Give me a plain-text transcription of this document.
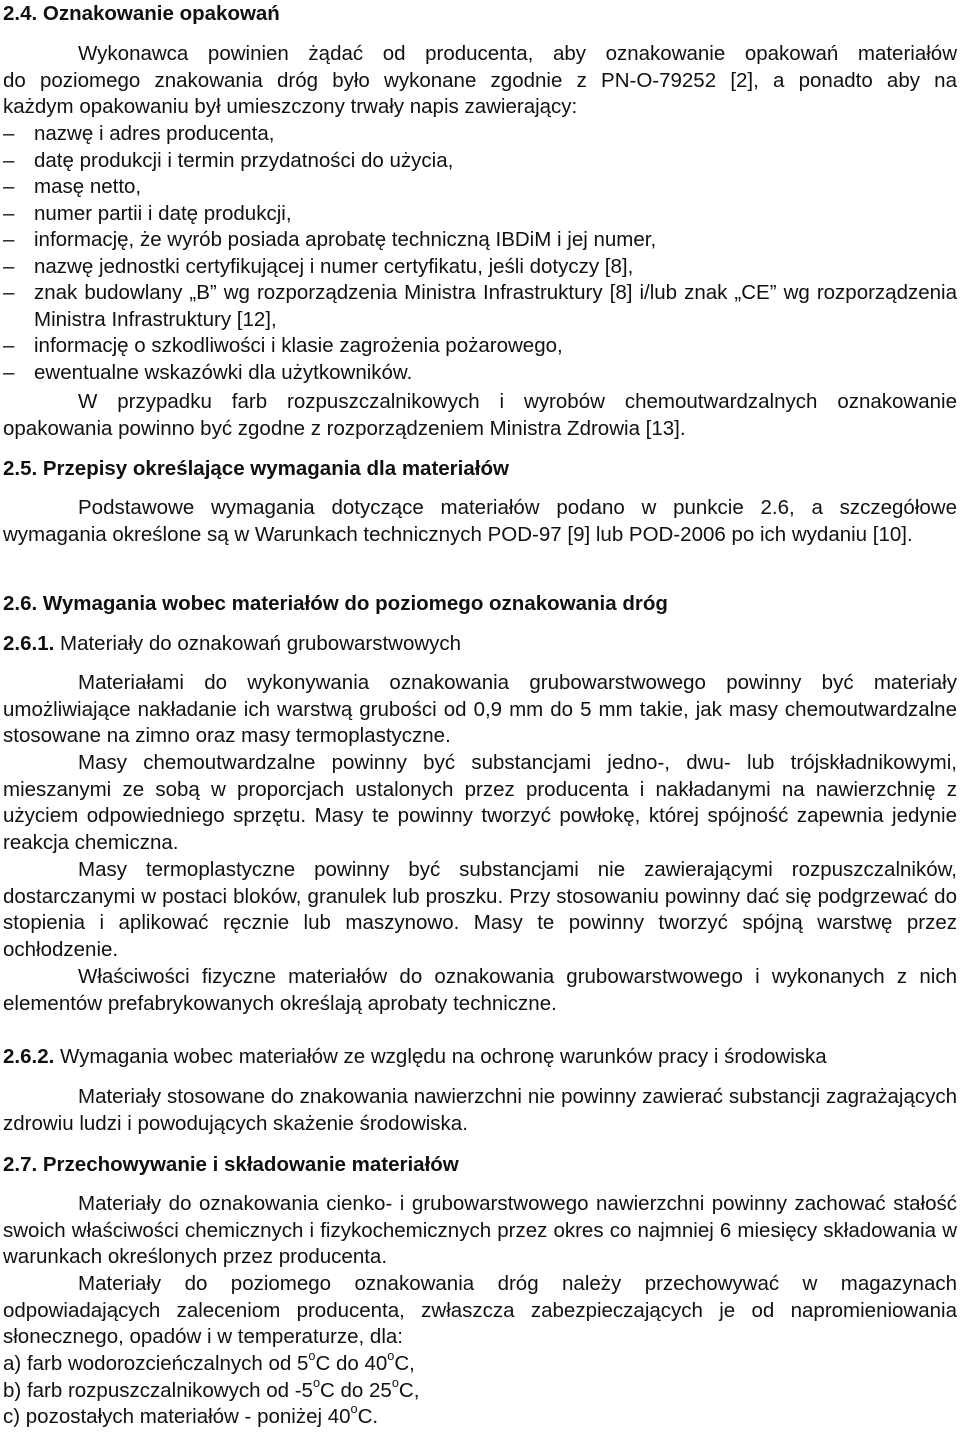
2.4. Oznakowanie opakowań
Wykonawca powinien żądać od producenta, aby oznakowanie opakowań materiałów
do poziomego znakowania dróg było wykonane zgodnie z PN-O-79252 [2], a ponadto aby na
każdym opakowaniu był umieszczony trwały napis zawierający:
– nazwę i adres producenta,
– datę produkcji i termin przydatności do użycia,
– masę netto,
– numer partii i datę produkcji,
– informację, że wyrób posiada aprobatę techniczną IBDiM i jej numer,
– nazwę jednostki certyfikującej i numer certyfikatu, jeśli dotyczy [8],
– znak budowlany „B” wg rozporządzenia Ministra Infrastruktury [8] i/lub znak „CE” wg rozporządzenia Ministra Infrastruktury [12],
– informację o szkodliwości i klasie zagrożenia pożarowego,
– ewentualne wskazówki dla użytkowników.
W przypadku farb rozpuszczalnikowych i wyrobów chemoutwardzalnych oznakowanie opakowania powinno być zgodne z rozporządzeniem Ministra Zdrowia [13].
2.5. Przepisy określające wymagania dla materiałów
Podstawowe wymagania dotyczące materiałów podano w punkcie 2.6, a szczegółowe wymagania określone są w Warunkach technicznych POD-97 [9] lub POD-2006 po ich wydaniu [10].
2.6. Wymagania wobec materiałów do poziomego oznakowania dróg
2.6.1. Materiały do oznakowań grubowarstwowych
Materiałami do wykonywania oznakowania grubowarstwowego powinny być materiały umożliwiające nakładanie ich warstwą grubości od 0,9 mm do 5 mm takie, jak masy chemoutwardzalne stosowane na zimno oraz masy termoplastyczne.
Masy chemoutwardzalne powinny być substancjami jedno-, dwu- lub trójskładnikowymi, mieszanymi ze sobą w proporcjach ustalonych przez producenta i nakładanymi na nawierzchnię z użyciem odpowiedniego sprzętu. Masy te powinny tworzyć powłokę, której spójność zapewnia jedynie reakcja chemiczna.
Masy termoplastyczne powinny być substancjami nie zawierającymi rozpuszczalników, dostarczanymi w postaci bloków, granulek lub proszku. Przy stosowaniu powinny dać się podgrzewać do stopienia i aplikować ręcznie lub maszynowo. Masy te powinny tworzyć spójną warstwę przez ochłodzenie.
Właściwości fizyczne materiałów do oznakowania grubowarstwowego i wykonanych z nich elementów prefabrykowanych określają aprobaty techniczne.
2.6.2. Wymagania wobec materiałów ze względu na ochronę warunków pracy i środowiska
Materiały stosowane do znakowania nawierzchni nie powinny zawierać substancji zagrażających zdrowiu ludzi i powodujących skażenie środowiska.
2.7. Przechowywanie i składowanie materiałów
Materiały do oznakowania cienko- i grubowarstwowego nawierzchni powinny zachować stałość swoich właściwości chemicznych i fizykochemicznych przez okres co najmniej 6 miesięcy składowania w warunkach określonych przez producenta.
Materiały do poziomego oznakowania dróg należy przechowywać w magazynach odpowiadających zaleceniom producenta, zwłaszcza zabezpieczających je od napromieniowania słonecznego, opadów i w temperaturze, dla:
a) farb wodorozcieńczalnych od 5$^o$C do 40$^o$C,
b) farb rozpuszczalnikowych od -5$^o$C do 25$^o$C,
c) pozostałych materiałów - poniżej 40$^o$C.
